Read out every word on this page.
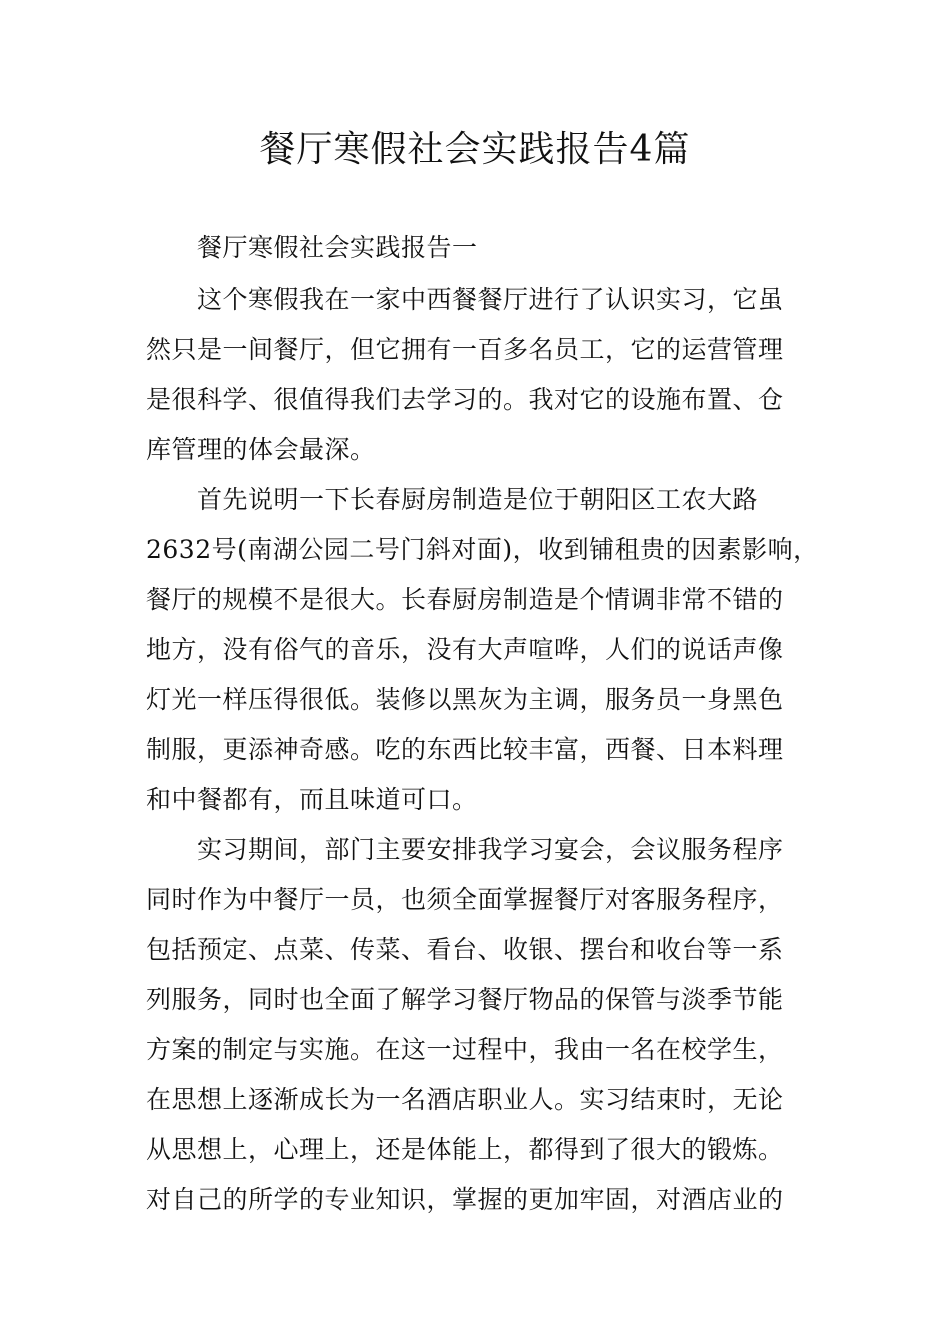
餐厅寒假社会实践报告4篇
餐厅寒假社会实践报告一
这个寒假我在一家中西餐餐厅进行了认识实习，它虽
然只是一间餐厅，但它拥有一百多名员工，它的运营管理
是很科学、很值得我们去学习的。我对它的设施布置、仓
库管理的体会最深。
首先说明一下长春厨房制造是位于朝阳区工农大路
2632号(南湖公园二号门斜对面)，收到铺租贵的因素影响，
餐厅的规模不是很大。长春厨房制造是个情调非常不错的
地方，没有俗气的音乐，没有大声喧哗，人们的说话声像
灯光一样压得很低。装修以黑灰为主调，服务员一身黑色
制服，更添神奇感。吃的东西比较丰富，西餐、日本料理
和中餐都有，而且味道可口。
实习期间，部门主要安排我学习宴会，会议服务程序
同时作为中餐厅一员，也须全面掌握餐厅对客服务程序，
包括预定、点菜、传菜、看台、收银、摆台和收台等一系
列服务，同时也全面了解学习餐厅物品的保管与淡季节能
方案的制定与实施。在这一过程中，我由一名在校学生，
在思想上逐渐成长为一名酒店职业人。实习结束时，无论
从思想上，心理上，还是体能上，都得到了很大的锻炼。
对自己的所学的专业知识，掌握的更加牢固，对酒店业的
